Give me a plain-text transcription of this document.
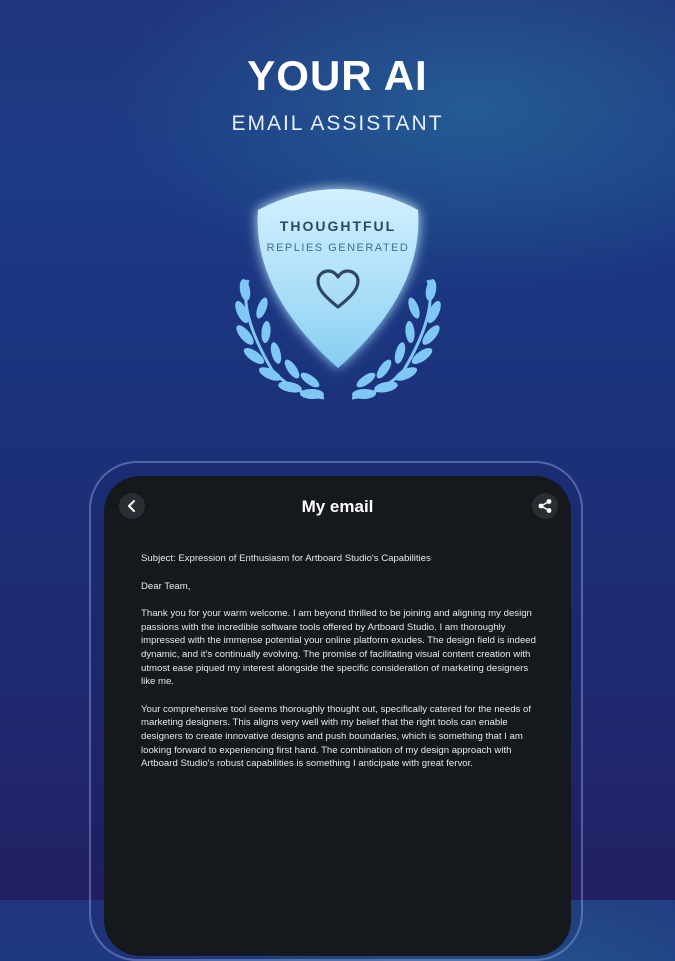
YOUR AI
EMAIL ASSISTANT
THOUGHTFUL
REPLIES GENERATED
My email

Subject: Expression of Enthusiasm for Artboard Studio's Capabilities

Dear Team,

Thank you for your warm welcome. I am beyond thrilled to be joining and aligning my design passions with the incredible software tools offered by Artboard Studio. I am thoroughly impressed with the immense potential your online platform exudes. The design field is indeed dynamic, and it's continually evolving. The promise of facilitating visual content creation with utmost ease piqued my interest alongside the specific consideration of marketing designers like me.

Your comprehensive tool seems thoroughly thought out, specifically catered for the needs of marketing designers. This aligns very well with my belief that the right tools can enable designers to create innovative designs and push boundaries, which is something that I am looking forward to experiencing first hand. The combination of my design approach with Artboard Studio's robust capabilities is something I anticipate with great fervor.
